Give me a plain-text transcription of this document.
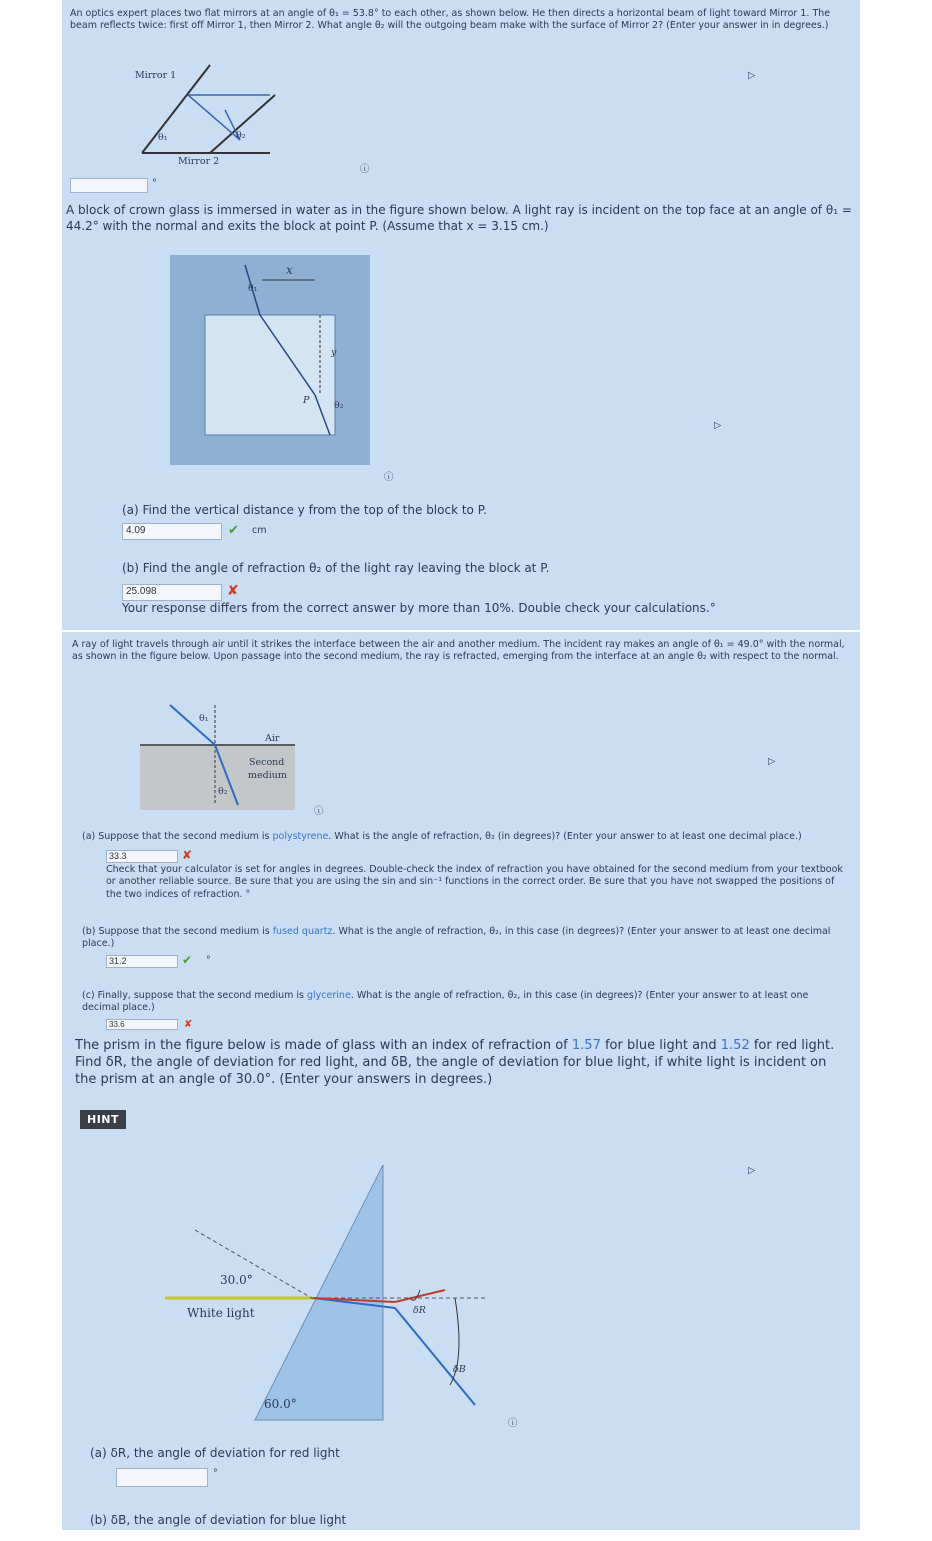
An optics expert places two flat mirrors at an angle of θ₁ = 53.8° to each other, as shown below. He then directs a horizontal beam of light toward Mirror 1. The beam reflects twice: first off Mirror 1, then Mirror 2. What angle θ₂ will the outgoing beam make with the surface of Mirror 2? (Enter your answer in in degrees.)
Mirror 1
Mirror 2
θ₁	θ₂
ⓘ
▷
°
A block of crown glass is immersed in water as in the figure shown below. A light ray is incident on the top face at an angle of θ₁ = 44.2° with the normal and exits the block at point P. (Assume that x = 3.15 cm.)
x
y
P
θ₁
θ₂
ⓘ
▷
(a) Find the vertical distance y from the top of the block to P.
4.09	✔ cm
(b) Find the angle of refraction θ₂ of the light ray leaving the block at P.
25.098	✘
Your response differs from the correct answer by more than 10%. Double check your calculations.°
A ray of light travels through air until it strikes the interface between the air and another medium. The incident ray makes an angle of θ₁ = 49.0° with the normal, as shown in the figure below. Upon passage into the second medium, the ray is refracted, emerging from the interface at an angle θ₂ with respect to the normal.
θ₁
θ₂
Air
Second
medium
ⓘ
▷
(a) Suppose that the second medium is polystyrene. What is the angle of refraction, θ₂ (in degrees)? (Enter your answer to at least one decimal place.)
33.3	✘
Check that your calculator is set for angles in degrees. Double-check the index of refraction you have obtained for the second medium from your textbook or another reliable source. Be sure that you are using the sin and sin⁻¹ functions in the correct order. Be sure that you have not swapped the positions of the two indices of refraction. °
(b) Suppose that the second medium is fused quartz. What is the angle of refraction, θ₂, in this case (in degrees)? (Enter your answer to at least one decimal place.)
31.2	✔ °
(c) Finally, suppose that the second medium is glycerine. What is the angle of refraction, θ₂, in this case (in degrees)? (Enter your answer to at least one decimal place.)
33.6	✘
The prism in the figure below is made of glass with an index of refraction of 1.57 for blue light and 1.52 for red light. Find δR, the angle of deviation for red light, and δB, the angle of deviation for blue light, if white light is incident on the prism at an angle of 30.0°. (Enter your answers in degrees.)
HINT
30.0°
White light
60.0°
δR
δB
ⓘ
▷
(a) δR, the angle of deviation for red light
°
(b) δB, the angle of deviation for blue light
